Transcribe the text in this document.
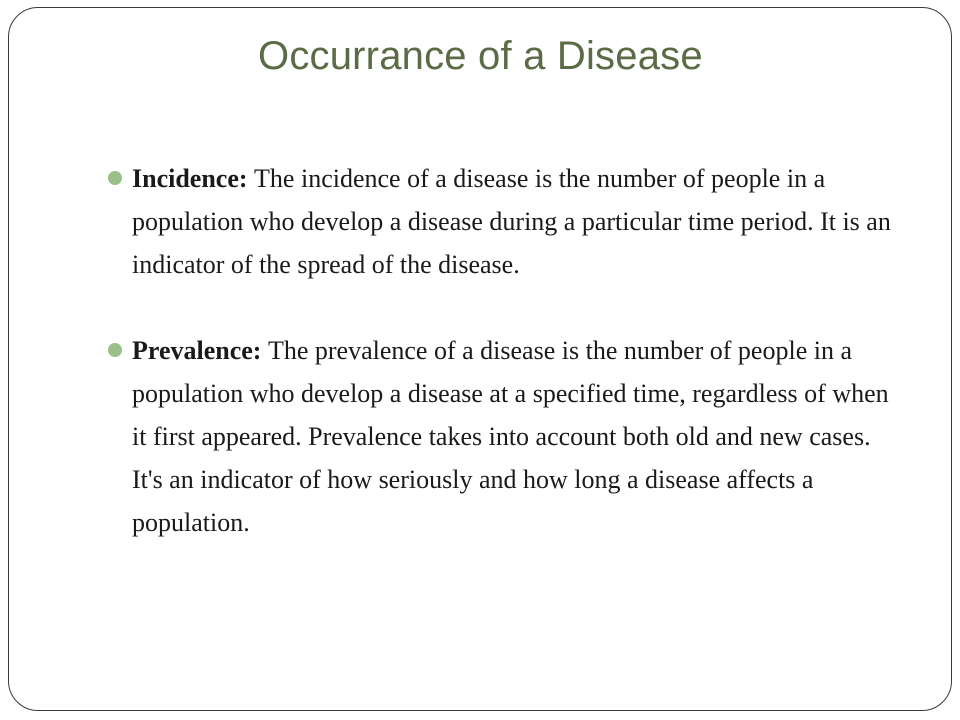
Occurrance of a Disease
Incidence: The incidence of a disease is the number of people in a population who develop a disease during a particular time period. It is an indicator of the spread of the disease.
Prevalence: The prevalence of a disease is the number of people in a population who develop a disease at a specified time, regardless of when it first appeared. Prevalence takes into account both old and new cases. It's an indicator of how seriously and how long a disease affects a population.
